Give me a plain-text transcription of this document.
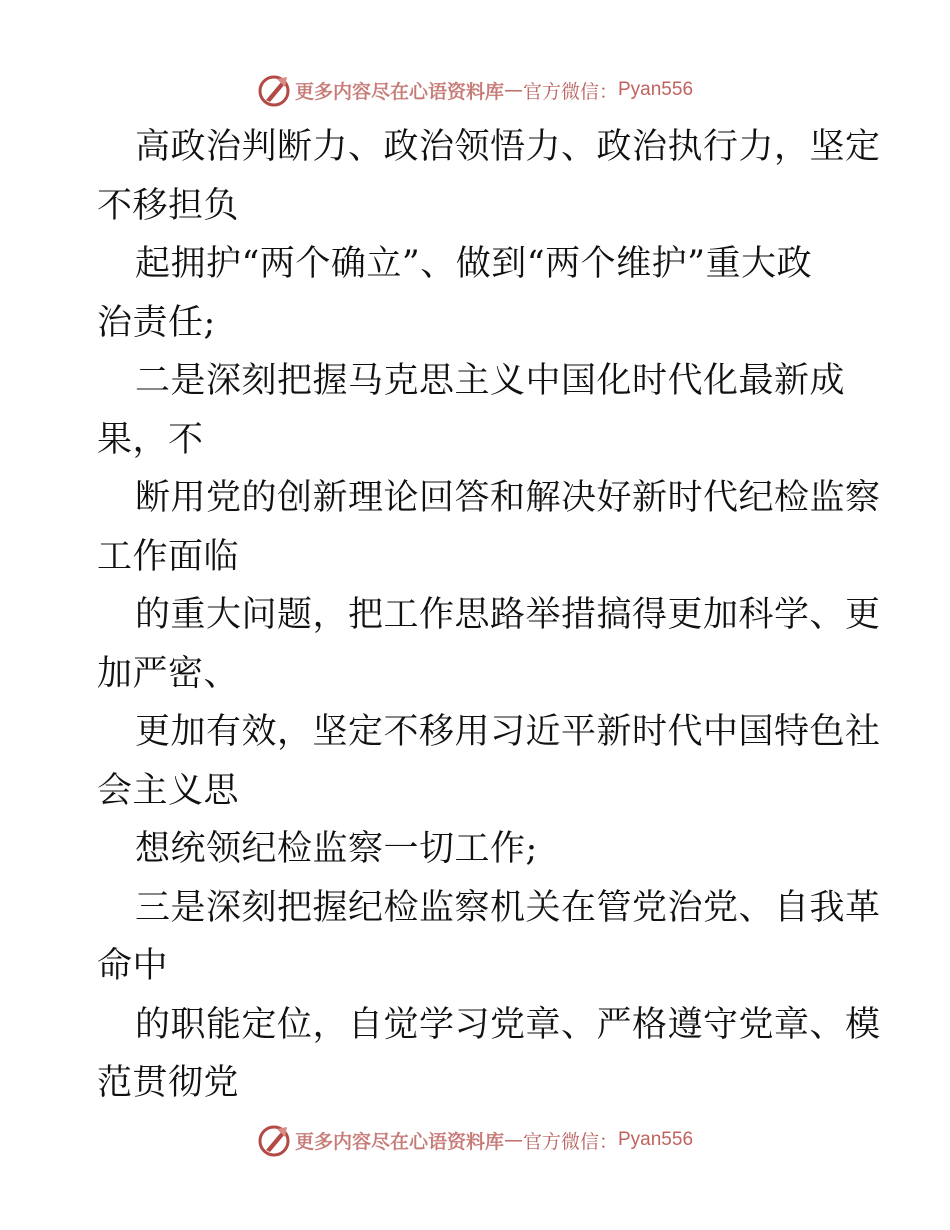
更多内容尽在心语资料库 — 官方微信： Pyan556
高政治判断力、政治领悟力、政治执行力，坚定
不移担负
起拥护“两个确立”、做到“两个维护”重大政
治责任;
二是深刻把握马克思主义中国化时代化最新成
果，不
断用党的创新理论回答和解决好新时代纪检监察
工作面临
的重大问题，把工作思路举措搞得更加科学、更
加严密、
更加有效，坚定不移用习近平新时代中国特色社
会主义思
想统领纪检监察一切工作;
三是深刻把握纪检监察机关在管党治党、自我革
命中
的职能定位，自觉学习党章、严格遵守党章、模
范贯彻党
更多内容尽在心语资料库 — 官方微信： Pyan556
